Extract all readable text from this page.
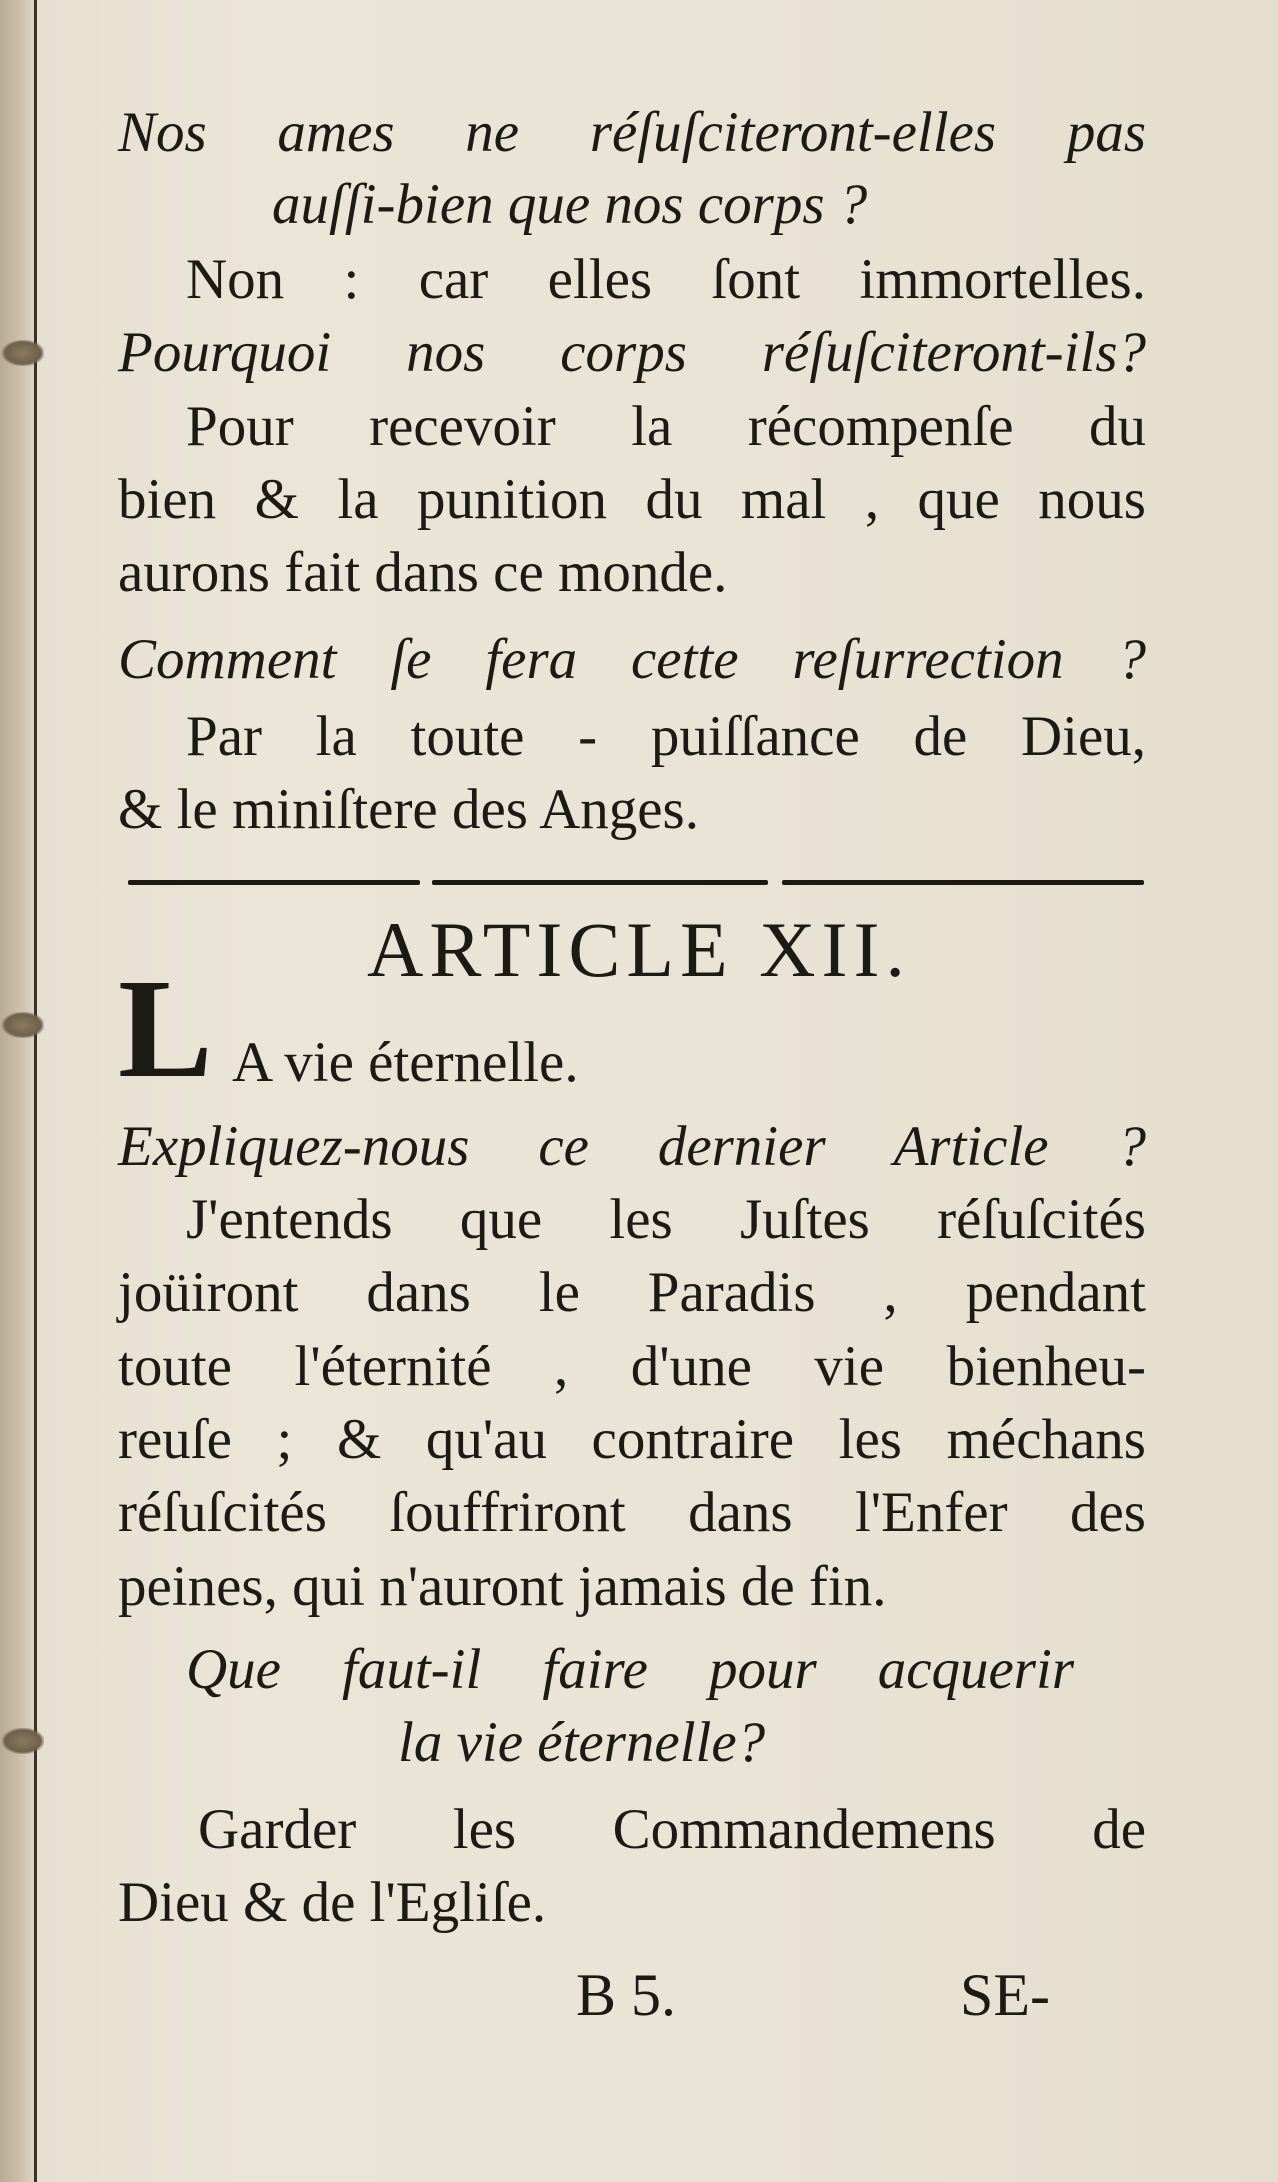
Nos ames ne réſuſciteront-elles pas

auſſi-bien que nos corps ?

Non : car elles ſont immortelles.

Pourquoi nos corps réſuſciteront-ils?

Pour recevoir la récompenſe du

bien & la punition du mal , que nous

aurons fait dans ce monde.

Comment ſe fera cette reſurrection ?

Par la toute - puiſſance de Dieu,

& le miniſtere des Anges.

ARTICLE XII.

L A vie éternelle.

Expliquez-nous ce dernier Article ?

J'entends que les Juſtes réſuſcités

joüiront dans le Paradis , pendant

toute l'éternité , d'une vie bienheu-

reuſe ; & qu'au contraire les méchans

réſuſcités ſouffriront dans l'Enfer des

peines, qui n'auront jamais de fin.

Que faut-il faire pour acquerir

la vie éternelle?

Garder les Commandemens de

Dieu & de l'Egliſe.

B 5.	SE-
